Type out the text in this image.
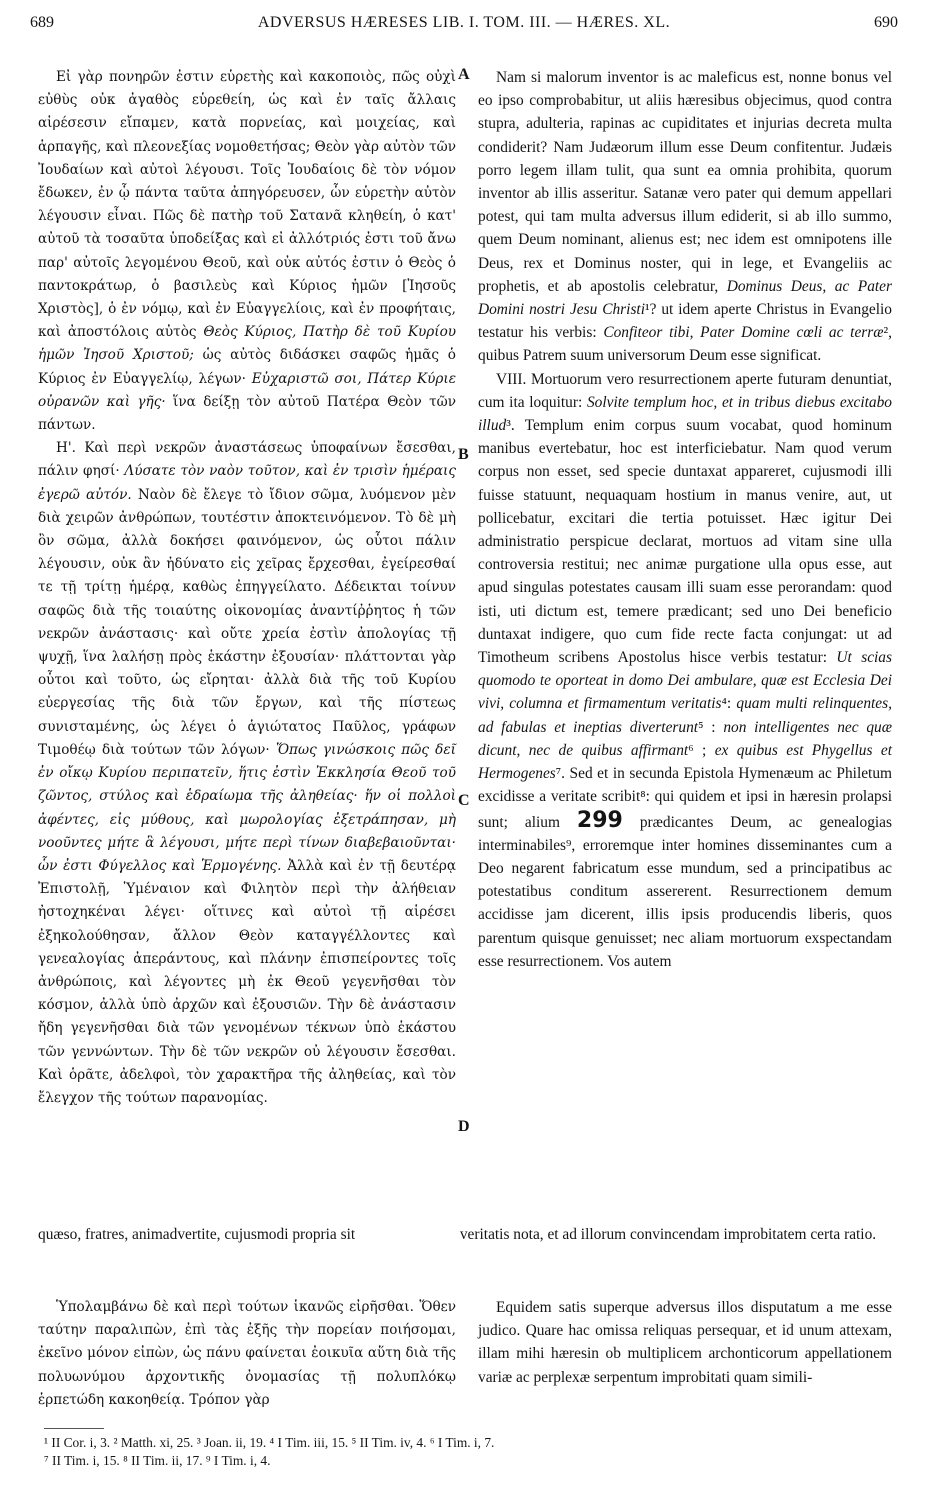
689	ADVERSUS HÆRESES LIB. I. TOM. III. — HÆRES. XL.	690
A
B
C
D

Εἰ γὰρ πονηρῶν ἐστιν εὑρετὴς καὶ κακοποιὸς, πῶς οὐχὶ εὐθὺς οὐκ ἀγαθὸς εὑρεθείη, ὡς καὶ ἐν ταῖς ἄλλαις αἱρέσεσιν εἴπαμεν, κατὰ πορνείας, καὶ μοιχείας, καὶ ἁρπαγῆς, καὶ πλεονεξίας νομοθετήσας; Θεὸν γὰρ αὐτὸν τῶν Ἰουδαίων καὶ αὐτοὶ λέγουσι. Τοῖς Ἰουδαίοις δὲ τὸν νόμον ἔδωκεν, ἐν ᾧ πάντα ταῦτα ἀπηγόρευσεν, ὧν εὑρετὴν αὐτὸν λέγουσιν εἶναι. Πῶς δὲ πατὴρ τοῦ Σατανᾶ κληθείη, ὁ κατ' αὐτοῦ τὰ τοσαῦτα ὑποδείξας καὶ εἰ ἀλλότριός ἐστι τοῦ ἄνω παρ' αὐτοῖς λεγομένου Θεοῦ, καὶ οὐκ αὐτός ἐστιν ὁ Θεὸς ὁ παντοκράτωρ, ὁ βασιλεὺς καὶ Κύριος ἡμῶν [Ἰησοῦς Χριστὸς], ὁ ἐν νόμῳ, καὶ ἐν Εὐαγγελίοις, καὶ ἐν προφήταις, καὶ ἀποστόλοις αὐτὸς Θεὸς Κύριος, Πατὴρ δὲ τοῦ Κυρίου ἡμῶν Ἰησοῦ Χριστοῦ; ὡς αὐτὸς διδάσκει σαφῶς ἡμᾶς ὁ Κύριος ἐν Εὐαγγελίῳ, λέγων· Εὐχαριστῶ σοι, Πάτερ Κύριε οὐρανῶν καὶ γῆς· ἵνα δείξῃ τὸν αὐτοῦ Πατέρα Θεὸν τῶν πάντων.

Η'. Καὶ περὶ νεκρῶν ἀναστάσεως ὑποφαίνων ἔσεσθαι, πάλιν φησί· Λύσατε τὸν ναὸν τοῦτον, καὶ ἐν τρισὶν ἡμέραις ἐγερῶ αὐτόν. Ναὸν δὲ ἔλεγε τὸ ἴδιον σῶμα, λυόμενον μὲν διὰ χειρῶν ἀνθρώπων, τουτέστιν ἀποκτεινόμενον. Τὸ δὲ μὴ ὂν σῶμα, ἀλλὰ δοκήσει φαινόμενον, ὡς οὗτοι πάλιν λέγουσιν, οὐκ ἂν ἠδύνατο εἰς χεῖρας ἔρχεσθαι, ἐγείρεσθαί τε τῇ τρίτῃ ἡμέρᾳ, καθὼς ἐπηγγείλατο. Δέδεικται τοίνυν σαφῶς διὰ τῆς τοιαύτης οἰκονομίας ἀναντίῤῥητος ἡ τῶν νεκρῶν ἀνάστασις· καὶ οὔτε χρεία ἐστὶν ἀπολογίας τῇ ψυχῇ, ἵνα λαλήσῃ πρὸς ἑκάστην ἐξουσίαν· πλάττονται γὰρ οὗτοι καὶ τοῦτο, ὡς εἴρηται· ἀλλὰ διὰ τῆς τοῦ Κυρίου εὐεργεσίας τῆς διὰ τῶν ἔργων, καὶ τῆς πίστεως συνισταμένης, ὡς λέγει ὁ ἁγιώτατος Παῦλος, γράφων Τιμοθέῳ διὰ τούτων τῶν λόγων· Ὅπως γινώσκοις πῶς δεῖ ἐν οἴκῳ Κυρίου περιπατεῖν, ἥτις ἐστὶν Ἐκκλησία Θεοῦ τοῦ ζῶντος, στύλος καὶ ἑδραίωμα τῆς ἀληθείας· ἥν οἱ πολλοὶ ἀφέντες, εἰς μύθους, καὶ μωρολογίας ἐξετράπησαν, μὴ νοοῦντες μήτε ἃ λέγουσι, μήτε περὶ τίνων διαβεβαιοῦνται· ὧν ἐστι Φύγελλος καὶ Ἑρμογένης. Ἀλλὰ καὶ ἐν τῇ δευτέρᾳ Ἐπιστολῇ, Ὑμέναιον καὶ Φιλητὸν περὶ τὴν ἀλήθειαν ἠστοχηκέναι λέγει· οἵτινες καὶ αὐτοὶ τῇ αἱρέσει ἐξηκολούθησαν, ἄλλον Θεὸν καταγγέλλοντες καὶ γενεαλογίας ἀπεράντους, καὶ πλάνην ἐπισπείροντες τοῖς ἀνθρώποις, καὶ λέγοντες μὴ ἐκ Θεοῦ γεγενῆσθαι τὸν κόσμον, ἀλλὰ ὑπὸ ἀρχῶν καὶ ἐξουσιῶν. Τὴν δὲ ἀνάστασιν ἤδη γεγενῆσθαι διὰ τῶν γενομένων τέκνων ὑπὸ ἑκάστου τῶν γεννώντων. Τὴν δὲ τῶν νεκρῶν οὐ λέγουσιν ἔσεσθαι. Καὶ ὁρᾶτε, ἀδελφοὶ, τὸν χαρακτῆρα τῆς ἀληθείας, καὶ τὸν ἔλεγχον τῆς τούτων παρανομίας.

Nam si malorum inventor is ac maleficus est, nonne bonus vel eo ipso comprobabitur, ut aliis hæresibus objecimus, quod contra stupra, adulteria, rapinas ac cupiditates et injurias decreta multa condiderit? Nam Judæorum illum esse Deum confitentur. Judæis porro legem illam tulit, qua sunt ea omnia prohibita, quorum inventor ab illis asseritur. Satanæ vero pater qui demum appellari potest, qui tam multa adversus illum ediderit, si ab illo summo, quem Deum nominant, alienus est; nec idem est omnipotens ille Deus, rex et Dominus noster, qui in lege, et Evangeliis ac prophetis, et ab apostolis celebratur, Dominus Deus, ac Pater Domini nostri Jesu Christi¹? ut idem aperte Christus in Evangelio testatur his verbis: Confiteor tibi, Pater Domine cœli ac terræ², quibus Patrem suum universorum Deum esse significat.

VIII. Mortuorum vero resurrectionem aperte futuram denuntiat, cum ita loquitur: Solvite templum hoc, et in tribus diebus excitabo illud³. Templum enim corpus suum vocabat, quod hominum manibus evertebatur, hoc est interficiebatur. Nam quod verum corpus non esset, sed specie duntaxat appareret, cujusmodi illi fuisse statuunt, nequaquam hostium in manus venire, aut, ut pollicebatur, excitari die tertia potuisset. Hæc igitur Dei administratio perspicue declarat, mortuos ad vitam sine ulla controversia restitui; nec animæ purgatione ulla opus esse, aut apud singulas potestates causam illi suam esse perorandam: quod isti, uti dictum est, temere prædicant; sed uno Dei beneficio duntaxat indigere, quo cum fide recte facta conjungat: ut ad Timotheum scribens Apostolus hisce verbis testatur: Ut scias quomodo te oporteat in domo Dei ambulare, quæ est Ecclesia Dei vivi, columna et firmamentum veritatis⁴: quam multi relinquentes, ad fabulas et ineptias diverterunt⁵ : non intelligentes nec quæ dicunt, nec de quibus affirmant⁶ ; ex quibus est Phygellus et Hermogenes⁷. Sed et in secunda Epistola Hymenæum ac Philetum excidisse a veritate scribit⁸: qui quidem et ipsi in hæresin prolapsi sunt; alium 299 prædicantes Deum, ac genealogias interminabiles⁹, erroremque inter homines disseminantes cum a Deo negarent fabricatum esse mundum, sed a principatibus ac potestatibus conditum assererent. Resurrectionem demum accidisse jam dicerent, illis ipsis producendis liberis, quos parentum quisque genuisset; nec aliam mortuorum exspectandam esse resurrectionem. Vos autem

quæso, fratres, animadvertite, cujusmodi propria sit	veritatis nota, et ad illorum convincendam improbitatem certa ratio.

Ὑπολαμβάνω δὲ καὶ περὶ τούτων ἱκανῶς εἰρῆσθαι. Ὅθεν ταύτην παραλιπὼν, ἐπὶ τὰς ἑξῆς τὴν πορείαν ποιήσομαι, ἐκεῖνο μόνον εἰπὼν, ὡς πάνυ φαίνεται ἐοικυῖα αὕτη διὰ τῆς πολυωνύμου ἀρχοντικῆς ὀνομασίας τῇ πολυπλόκῳ ἑρπετώδη κακοηθείᾳ. Τρόπον γὰρ

Equidem satis superque adversus illos disputatum a me esse judico. Quare hac omissa reliquas persequar, et id unum attexam, illam mihi hæresin ob multiplicem archonticorum appellationem variæ ac perplexæ serpentum improbitati quam simili-

¹ II Cor. i, 3. ² Matth. xi, 25. ³ Joan. ii, 19. ⁴ I Tim. iii, 15. ⁵ II Tim. iv, 4. ⁶ I Tim. i, 7.
⁷ II Tim. i, 15. ⁸ II Tim. ii, 17. ⁹ I Tim. i, 4.
